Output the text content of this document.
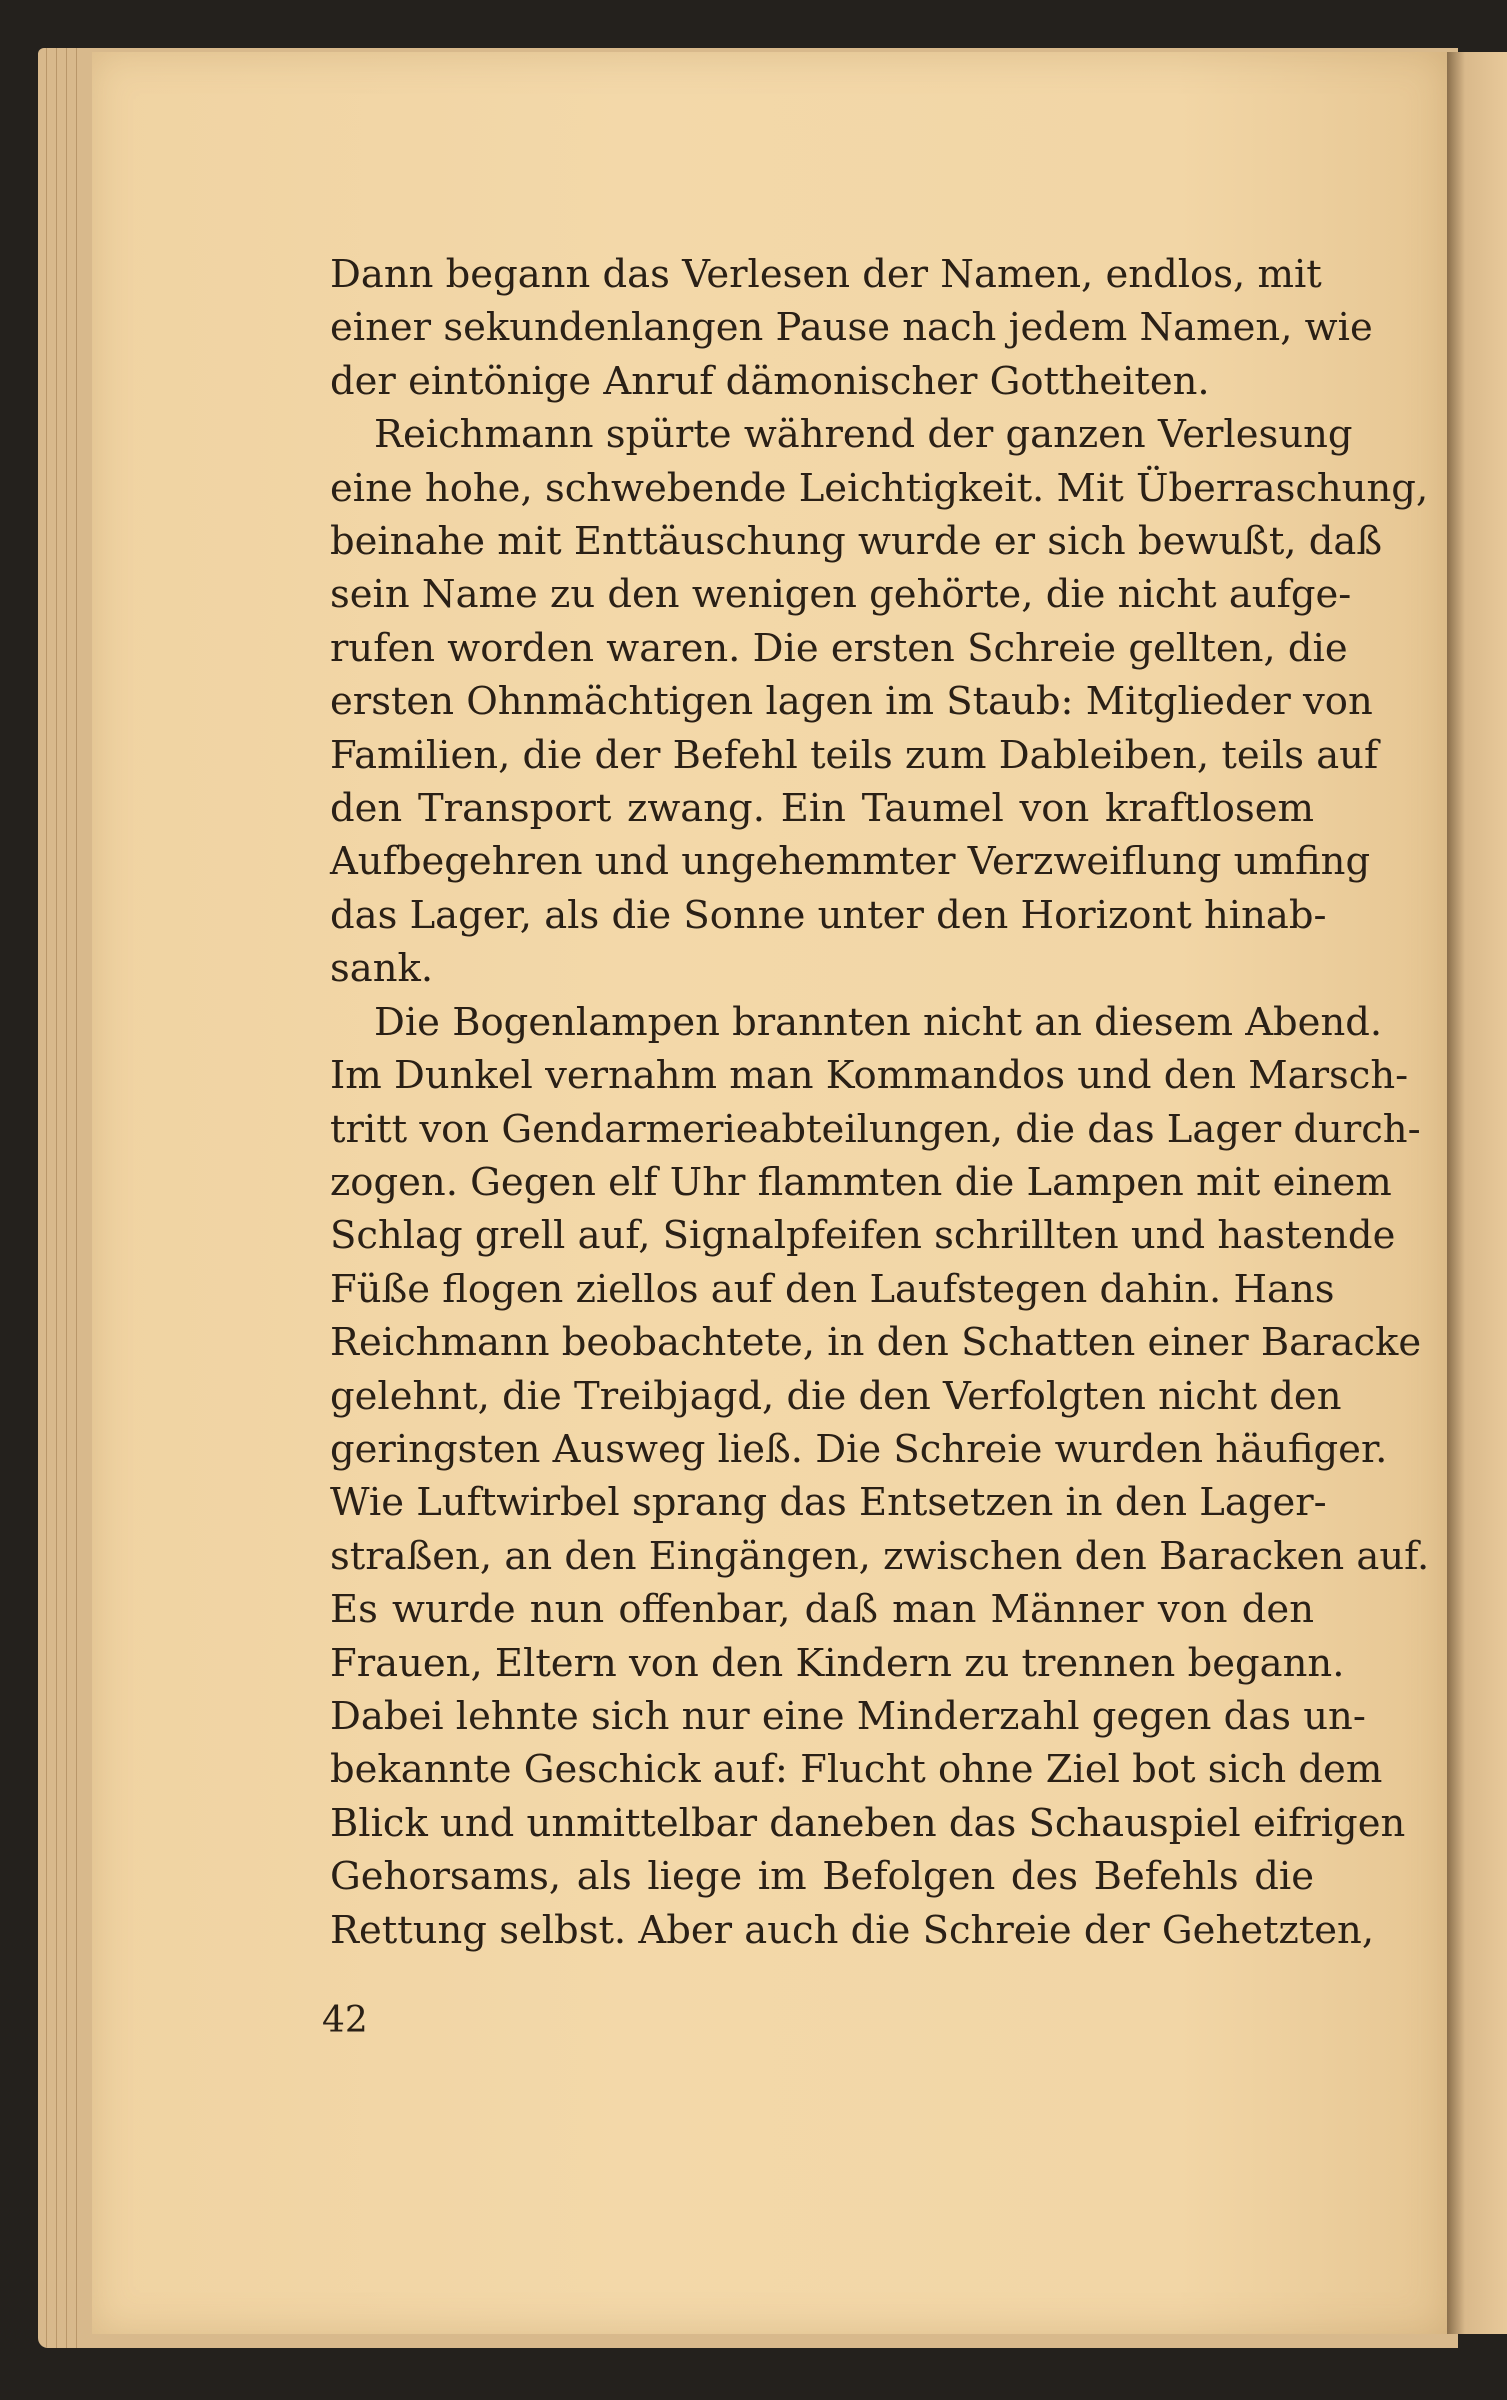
Dann begann das Verlesen der Namen, endlos, mit
einer sekundenlangen Pause nach jedem Namen, wie
der eintönige Anruf dämonischer Gottheiten.
Reichmann spürte während der ganzen Verlesung
eine hohe, schwebende Leichtigkeit. Mit Überraschung,
beinahe mit Enttäuschung wurde er sich bewußt, daß
sein Name zu den wenigen gehörte, die nicht aufge-
rufen worden waren. Die ersten Schreie gellten, die
ersten Ohnmächtigen lagen im Staub: Mitglieder von
Familien, die der Befehl teils zum Dableiben, teils auf
den Transport zwang. Ein Taumel von kraftlosem
Aufbegehren und ungehemmter Verzweiflung umfing
das Lager, als die Sonne unter den Horizont hinab-
sank.
Die Bogenlampen brannten nicht an diesem Abend.
Im Dunkel vernahm man Kommandos und den Marsch-
tritt von Gendarmerieabteilungen, die das Lager durch-
zogen. Gegen elf Uhr flammten die Lampen mit einem
Schlag grell auf, Signalpfeifen schrillten und hastende
Füße flogen ziellos auf den Laufstegen dahin. Hans
Reichmann beobachtete, in den Schatten einer Baracke
gelehnt, die Treibjagd, die den Verfolgten nicht den
geringsten Ausweg ließ. Die Schreie wurden häufiger.
Wie Luftwirbel sprang das Entsetzen in den Lager-
straßen, an den Eingängen, zwischen den Baracken auf.
Es wurde nun offenbar, daß man Männer von den
Frauen, Eltern von den Kindern zu trennen begann.
Dabei lehnte sich nur eine Minderzahl gegen das un-
bekannte Geschick auf: Flucht ohne Ziel bot sich dem
Blick und unmittelbar daneben das Schauspiel eifrigen
Gehorsams, als liege im Befolgen des Befehls die
Rettung selbst. Aber auch die Schreie der Gehetzten,
42
